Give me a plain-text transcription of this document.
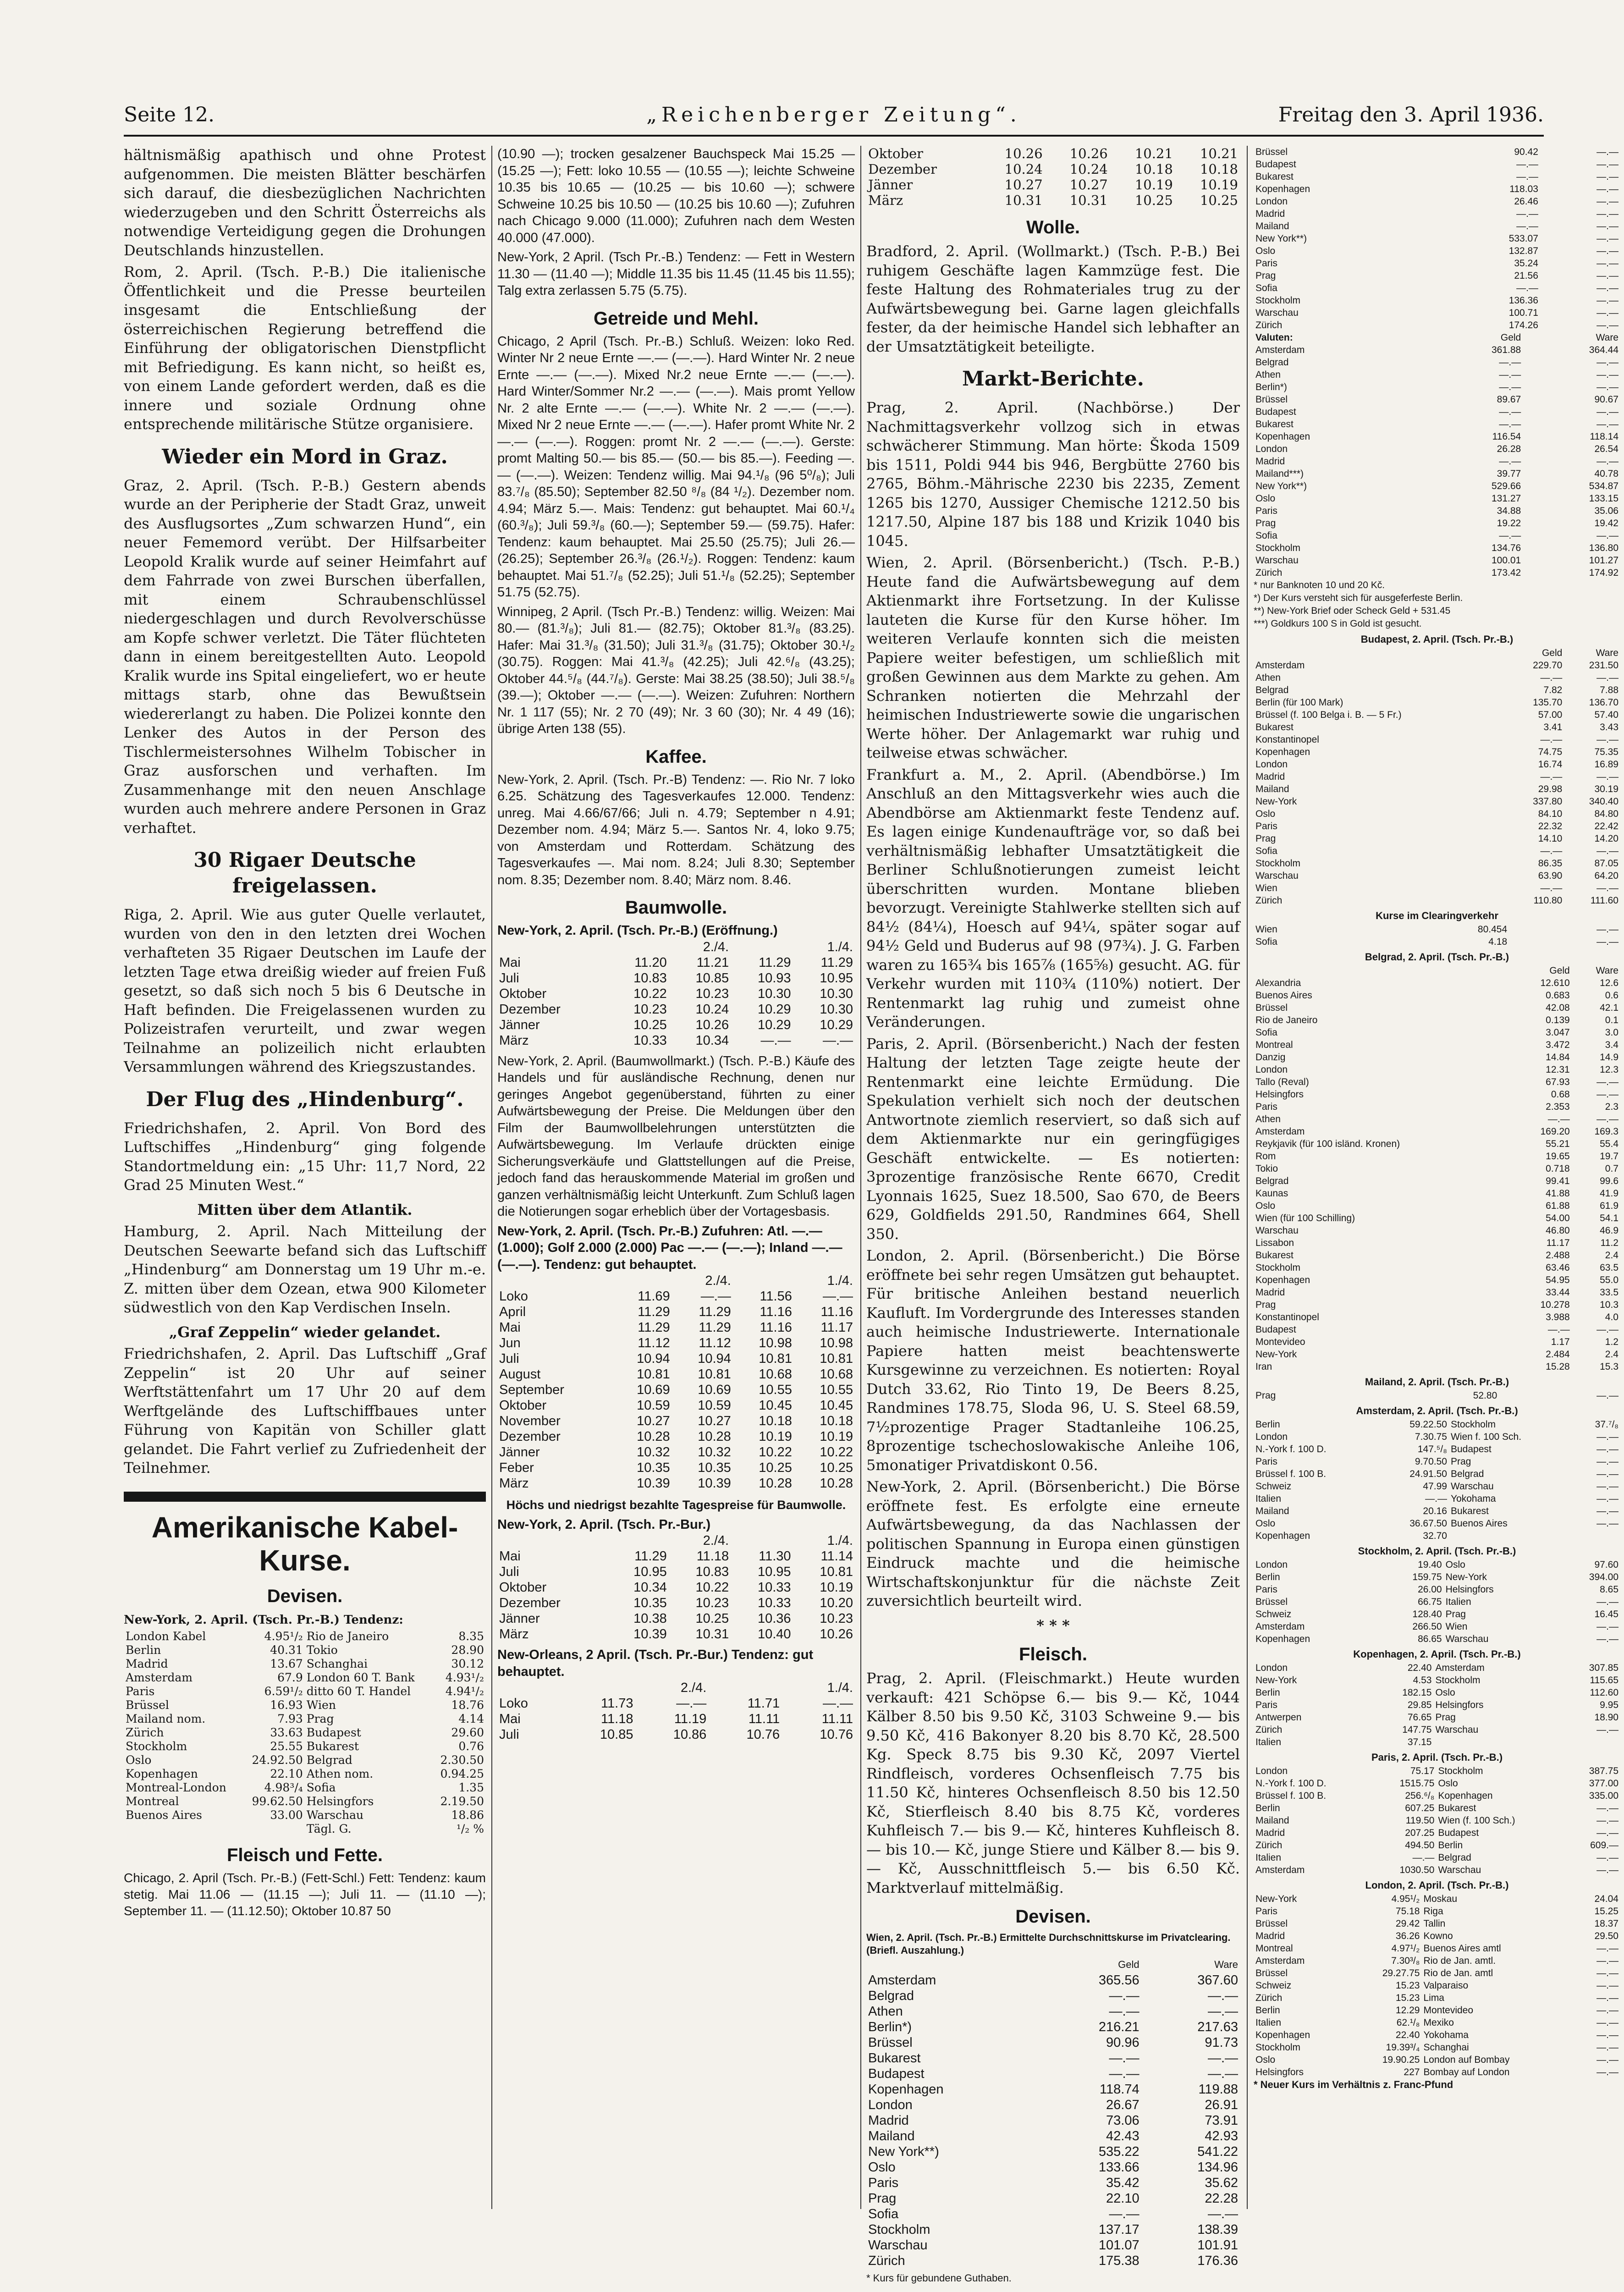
Seite 12.	„Reichenberger Zeitung“.	Freitag den 3. April 1936.

hältnismäßig apathisch und ohne Protest aufgenommen. Die meisten Blätter beschärfen sich darauf, die diesbezüglichen Nachrichten wiederzugeben und den Schritt Österreichs als notwendige Verteidigung gegen die Drohungen Deutschlands hinzustellen.

Rom, 2. April. (Tsch. P.-B.) Die italienische Öffentlichkeit und die Presse beurteilen insgesamt die Entschließung der österreichischen Regierung betreffend die Einführung der obligatorischen Dienstpflicht mit Befriedigung. Es kann nicht, so heißt es, von einem Lande gefordert werden, daß es die innere und soziale Ordnung ohne entsprechende militärische Stütze organisiere.

Wieder ein Mord in Graz.

Graz, 2. April. (Tsch. P.-B.) Gestern abends wurde an der Peripherie der Stadt Graz, unweit des Ausflugsortes „Zum schwarzen Hund“, ein neuer Fememord verübt. Der Hilfsarbeiter Leopold Kralik wurde auf seiner Heimfahrt auf dem Fahrrade von zwei Burschen überfallen, mit einem Schraubenschlüssel niedergeschlagen und durch Revolverschüsse am Kopfe schwer verletzt. Die Täter flüchteten dann in einem bereitgestellten Auto. Leopold Kralik wurde ins Spital eingeliefert, wo er heute mittags starb, ohne das Bewußtsein wiedererlangt zu haben. Die Polizei konnte den Lenker des Autos in der Person des Tischlermeistersohnes Wilhelm Tobischer in Graz ausforschen und verhaften. Im Zusammenhange mit den neuen Anschlage wurden auch mehrere andere Personen in Graz verhaftet.

30 Rigaer Deutsche freigelassen.

Riga, 2. April. Wie aus guter Quelle verlautet, wurden von den in den letzten drei Wochen verhafteten 35 Rigaer Deutschen im Laufe der letzten Tage etwa dreißig wieder auf freien Fuß gesetzt, so daß sich noch 5 bis 6 Deutsche in Haft befinden. Die Freigelassenen wurden zu Polizeistrafen verurteilt, und zwar wegen Teilnahme an polizeilich nicht erlaubten Versammlungen während des Kriegszustandes.

Der Flug des „Hindenburg“.

Friedrichshafen, 2. April. Von Bord des Luftschiffes „Hindenburg“ ging folgende Standortmeldung ein: „15 Uhr: 11,7 Nord, 22 Grad 25 Minuten West.“

Mitten über dem Atlantik.

Hamburg, 2. April. Nach Mitteilung der Deutschen Seewarte befand sich das Luftschiff „Hindenburg“ am Donnerstag um 19 Uhr m.-e. Z. mitten über dem Ozean, etwa 900 Kilometer südwestlich von den Kap Verdischen Inseln.

„Graf Zeppelin“ wieder gelandet.

Friedrichshafen, 2. April. Das Luftschiff „Graf Zeppelin“ ist 20 Uhr auf seiner Werftstättenfahrt um 17 Uhr 20 auf dem Werftgelände des Luftschiffbaues unter Führung von Kapitän von Schiller glatt gelandet. Die Fahrt verlief zu Zufriedenheit der Teilnehmer.

Amerikanische Kabel-Kurse.
Devisen.
New-York, 2. April. (Tsch. Pr.-B.) Tendenz:
London Kabel	4.95¹/₂	Rio de Janeiro	8.35
Berlin	40.31	Tokio	28.90
Madrid	13.67	Schanghai	30.12
Amsterdam	67.9	London 60 T. Bank	4.93¹/₂
Paris	6.59¹/₂	ditto 60 T. Handel	4.94¹/₂
Brüssel	16.93	Wien	18.76
Mailand nom.	7.93	Prag	4.14
Zürich	33.63	Budapest	29.60
Stockholm	25.55	Bukarest	0.76
Oslo	24.92.50	Belgrad	2.30.50
Kopenhagen	22.10	Athen nom.	0.94.25
Montreal-London	4.98³/₄	Sofia	1.35
Montreal	99.62.50	Helsingfors	2.19.50
Buenos Aires	33.00	Warschau	18.86
		Tägl. G.	¹/₂ %
Fleisch und Fette.

Chicago, 2. April (Tsch. Pr.-B.) (Fett-Schl.) Fett: Tendenz: kaum stetig. Mai 11.06 — (11.15 —); Juli 11. — (11.10 —); September 11. — (11.12.50); Oktober 10.87 50

(10.90 —); trocken gesalzener Bauchspeck Mai 15.25 — (15.25 —); Fett: loko 10.55 — (10.55 —); leichte Schweine 10.35 bis 10.65 — (10.25 — bis 10.60 —); schwere Schweine 10.25 bis 10.50 — (10.25 bis 10.60 —); Zufuhren nach Chicago 9.000 (11.000); Zufuhren nach dem Westen 40.000 (47.000).

New-York, 2 April. (Tsch Pr.-B.) Tendenz: — Fett in Western 11.30 — (11.40 —); Middle 11.35 bis 11.45 (11.45 bis 11.55); Talg extra zerlassen 5.75 (5.75).

Getreide und Mehl.

Chicago, 2 April (Tsch. Pr.-B.) Schluß. Weizen: loko Red. Winter Nr 2 neue Ernte —.— (—.—). Hard Winter Nr. 2 neue Ernte —.— (—.—). Mixed Nr.2 neue Ernte —.— (—.—). Hard Winter/Sommer Nr.2 —.— (—.—). Mais promt Yellow Nr. 2 alte Ernte —.— (—.—). White Nr. 2 —.— (—.—). Mixed Nr 2 neue Ernte —.— (—.—). Hafer promt White Nr. 2 —.— (—.—). Roggen: promt Nr. 2 —.— (—.—). Gerste: promt Malting 50.— bis 85.— (50.— bis 85.—). Feeding —.— (—.—). Weizen: Tendenz willig. Mai 94.¹/₈ (96 5⁰/₈); Juli 83.⁷/₈ (85.50); September 82.50 ⁸/₈ (84 ¹/₂). Dezember nom. 4.94; März 5.—. Mais: Tendenz: gut behauptet. Mai 60.¹/₄ (60.³/₈); Juli 59.³/₈ (60.—); September 59.— (59.75). Hafer: Tendenz: kaum behauptet. Mai 25.50 (25.75); Juli 26.— (26.25); September 26.³/₈ (26.¹/₂). Roggen: Tendenz: kaum behauptet. Mai 51.⁷/₈ (52.25); Juli 51.¹/₈ (52.25); September 51.75 (52.75).

Winnipeg, 2 April. (Tsch Pr.-B.) Tendenz: willig. Weizen: Mai 80.— (81.³/₈); Juli 81.— (82.75); Oktober 81.³/₈ (83.25). Hafer: Mai 31.³/₈ (31.50); Juli 31.³/₈ (31.75); Oktober 30.¹/₂ (30.75). Roggen: Mai 41.³/₈ (42.25); Juli 42.⁶/₈ (43.25); Oktober 44.⁵/₈ (44.⁷/₈). Gerste: Mai 38.25 (38.50); Juli 38.⁵/₈ (39.—); Oktober —.— (—.—). Weizen: Zufuhren: Northern Nr. 1 117 (55); Nr. 2 70 (49); Nr. 3 60 (30); Nr. 4 49 (16); übrige Arten 138 (55).

Kaffee.

New-York, 2. April. (Tsch. Pr.-B) Tendenz: —. Rio Nr. 7 loko 6.25. Schätzung des Tagesverkaufes 12.000. Tendenz: unreg. Mai 4.66/67/66; Juli n. 4.79; September n 4.91; Dezember nom. 4.94; März 5.—. Santos Nr. 4, loko 9.75; von Amsterdam und Rotterdam. Schätzung des Tagesverkaufes —. Mai nom. 8.24; Juli 8.30; September nom. 8.35; Dezember nom. 8.40; März nom. 8.46.

Baumwolle.
New-York, 2. April. (Tsch. Pr.-B.) (Eröffnung.)
	2./4.		1./4.	
Mai	11.20	11.21	11.29	11.29
Juli	10.83	10.85	10.93	10.95
Oktober	10.22	10.23	10.30	10.30
Dezember	10.23	10.24	10.29	10.30
Jänner	10.25	10.26	10.29	10.29
März	10.33	10.34	—.—	—.—

New-York, 2. April. (Baumwollmarkt.) (Tsch. P.-B.) Käufe des Handels und für ausländische Rechnung, denen nur geringes Angebot gegenüberstand, führten zu einer Aufwärtsbewegung der Preise. Die Meldungen über den Film der Baumwollbelehrungen unterstützten die Aufwärtsbewegung. Im Verlaufe drückten einige Sicherungsverkäufe und Glattstellungen auf die Preise, jedoch fand das herauskommende Material im großen und ganzen verhältnismäßig leicht Unterkunft. Zum Schluß lagen die Notierungen sogar erheblich über der Vortagesbasis.

New-York, 2. April. (Tsch. Pr.-B.) Zufuhren: Atl. —.— (1.000); Golf 2.000 (2.000) Pac —.— (—.—); Inland —.— (—.—). Tendenz: gut behauptet.
	2./4.		1./4.	
Loko	11.69	—.—	11.56	—.—
April	11.29	11.29	11.16	11.16
Mai	11.29	11.29	11.16	11.17
Jun	11.12	11.12	10.98	10.98
Juli	10.94	10.94	10.81	10.81
August	10.81	10.81	10.68	10.68
September	10.69	10.69	10.55	10.55
Oktober	10.59	10.59	10.45	10.45
November	10.27	10.27	10.18	10.18
Dezember	10.28	10.28	10.19	10.19
Jänner	10.32	10.32	10.22	10.22
Feber	10.35	10.35	10.25	10.25
März	10.39	10.39	10.28	10.28
Höchs und niedrigst bezahlte Tagespreise für Baumwolle.
New-York, 2. April. (Tsch. Pr.-Bur.)
	2./4.		1./4.	
Mai	11.29	11.18	11.30	11.14
Juli	10.95	10.83	10.95	10.81
Oktober	10.34	10.22	10.33	10.19
Dezember	10.35	10.23	10.33	10.20
Jänner	10.38	10.25	10.36	10.23
März	10.39	10.31	10.40	10.26
New-Orleans, 2 April. (Tsch. Pr.-Bur.) Tendenz: gut behauptet.
	2./4.		1./4.	
Loko	11.73	—.—	11.71	—.—
Mai	11.18	11.19	11.11	11.11
Juli	10.85	10.86	10.76	10.76
Oktober	10.26	10.26	10.21	10.21
Dezember	10.24	10.24	10.18	10.18
Jänner	10.27	10.27	10.19	10.19
März	10.31	10.31	10.25	10.25
Wolle.

Bradford, 2. April. (Wollmarkt.) (Tsch. P.-B.) Bei ruhigem Geschäfte lagen Kammzüge fest. Die feste Haltung des Rohmateriales trug zu der Aufwärtsbewegung bei. Garne lagen gleichfalls fester, da der heimische Handel sich lebhafter an der Umsatztätigkeit beteiligte.

Markt-Berichte.

Prag, 2. April. (Nachbörse.) Der Nachmittagsverkehr vollzog sich in etwas schwächerer Stimmung. Man hörte: Škoda 1509 bis 1511, Poldi 944 bis 946, Bergbütte 2760 bis 2765, Böhm.-Mährische 2230 bis 2235, Zement 1265 bis 1270, Aussiger Chemische 1212.50 bis 1217.50, Alpine 187 bis 188 und Krizik 1040 bis 1045.

Wien, 2. April. (Börsenbericht.) (Tsch. P.-B.) Heute fand die Aufwärtsbewegung auf dem Aktienmarkt ihre Fortsetzung. In der Kulisse lauteten die Kurse für den Kurse höher. Im weiteren Verlaufe konnten sich die meisten Papiere weiter befestigen, um schließlich mit großen Gewinnen aus dem Markte zu gehen. Am Schranken notierten die Mehrzahl der heimischen Industriewerte sowie die ungarischen Werte höher. Der Anlagemarkt war ruhig und teilweise etwas schwächer.

Frankfurt a. M., 2. April. (Abendbörse.) Im Anschluß an den Mittagsverkehr wies auch die Abendbörse am Aktienmarkt feste Tendenz auf. Es lagen einige Kundenaufträge vor, so daß bei verhältnismäßig lebhafter Umsatztätigkeit die Berliner Schlußnotierungen zumeist leicht überschritten wurden. Montane blieben bevorzugt. Vereinigte Stahlwerke stellten sich auf 84½ (84¼), Hoesch auf 94¼, später sogar auf 94½ Geld und Buderus auf 98 (97¾). J. G. Farben waren zu 165¾ bis 165⅞ (165⅝) gesucht. AG. für Verkehr wurden mit 110¾ (110%) notiert. Der Rentenmarkt lag ruhig und zumeist ohne Veränderungen.

Paris, 2. April. (Börsenbericht.) Nach der festen Haltung der letzten Tage zeigte heute der Rentenmarkt eine leichte Ermüdung. Die Spekulation verhielt sich noch der deutschen Antwortnote ziemlich reserviert, so daß sich auf dem Aktienmarkte nur ein geringfügiges Geschäft entwickelte. — Es notierten: 3prozentige französische Rente 6670, Credit Lyonnais 1625, Suez 18.500, Sao 670, de Beers 629, Goldfields 291.50, Randmines 664, Shell 350.

London, 2. April. (Börsenbericht.) Die Börse eröffnete bei sehr regen Umsätzen gut behauptet. Für britische Anleihen bestand neuerlich Kaufluft. Im Vordergrunde des Interesses standen auch heimische Industriewerte. Internationale Papiere hatten meist beachtenswerte Kursgewinne zu verzeichnen. Es notierten: Royal Dutch 33.62, Rio Tinto 19, De Beers 8.25, Randmines 178.75, Sloda 96, U. S. Steel 68.59, 7½prozentige Prager Stadtanleihe 106.25, 8prozentige tschechoslowakische Anleihe 106, 5monatiger Privatdiskont 0.56.

New-York, 2. April. (Börsenbericht.) Die Börse eröffnete fest. Es erfolgte eine erneute Aufwärtsbewegung, da das Nachlassen der politischen Spannung in Europa einen günstigen Eindruck machte und die heimische Wirtschaftskonjunktur für die nächste Zeit zuversichtlich beurteilt wird.

* * *
Fleisch.

Prag, 2. April. (Fleischmarkt.) Heute wurden verkauft: 421 Schöpse 6.— bis 9.— Kč, 1044 Kälber 8.50 bis 9.50 Kč, 3103 Schweine 9.— bis 9.50 Kč, 416 Bakonyer 8.20 bis 8.70 Kč, 28.500 Kg. Speck 8.75 bis 9.30 Kč, 2097 Viertel Rindfleisch, vorderes Ochsenfleisch 7.75 bis 11.50 Kč, hinteres Ochsenfleisch 8.50 bis 12.50 Kč, Stierfleisch 8.40 bis 8.75 Kč, vorderes Kuhfleisch 7.— bis 9.— Kč, hinteres Kuhfleisch 8.— bis 10.— Kč, junge Stiere und Kälber 8.— bis 9.— Kč, Ausschnittfleisch 5.— bis 6.50 Kč. Marktverlauf mittelmäßig.

Devisen.
Wien, 2. April. (Tsch. Pr.-B.) Ermittelte Durchschnittskurse im Privatclearing. (Briefl. Auszahlung.)
	Geld	Ware
Amsterdam	365.56	367.60
Belgrad	—.—	—.—
Athen	—.—	—.—
Berlin*)	216.21	217.63
Brüssel	90.96	91.73
Bukarest	—.—	—.—
Budapest	—.—	—.—
Kopenhagen	118.74	119.88
London	26.67	26.91
Madrid	73.06	73.91
Mailand	42.43	42.93
New York**)	535.22	541.22
Oslo	133.66	134.96
Paris	35.42	35.62
Prag	22.10	22.28
Sofia	—.—	—.—
Stockholm	137.17	138.39
Warschau	101.07	101.91
Zürich	175.38	176.36
* Kurs für gebundene Guthaben.

Brüssel	90.42	—.—
Budapest	—.—	—.—
Bukarest	—.—	—.—
Kopenhagen	118.03	—.—
London	26.46	—.—
Madrid	—.—	—.—
Mailand	—.—	—.—
New York**)	533.07	—.—
Oslo	132.87	—.—
Paris	35.24	—.—
Prag	21.56	—.—
Sofia	—.—	—.—
Stockholm	136.36	—.—
Warschau	100.71	—.—
Zürich	174.26	—.—
Valuten:	Geld	Ware
Amsterdam	361.88	364.44
Belgrad	—.—	—.—
Athen	—.—	—.—
Berlin*)	—.—	—.—
Brüssel	89.67	90.67
Budapest	—.—	—.—
Bukarest	—.—	—.—
Kopenhagen	116.54	118.14
London	26.28	26.54
Madrid	—.—	—.—
Mailand***)	39.77	40.78
New York**)	529.66	534.87
Oslo	131.27	133.15
Paris	34.88	35.06
Prag	19.22	19.42
Sofia	—.—	—.—
Stockholm	134.76	136.80
Warschau	100.01	101.27
Zürich	173.42	174.92
* nur Banknoten 10 und 20 Kč.
*) Der Kurs versteht sich für ausgeferfeste Berlin.
**) New-York Brief oder Scheck Geld + 531.45
***) Goldkurs 100 S in Gold ist gesucht.
Budapest, 2. April. (Tsch. Pr.-B.)
	Geld	Ware
Amsterdam	229.70	231.50
Athen	—.—	—.—
Belgrad	7.82	7.88
Berlin (für 100 Mark)	135.70	136.70
Brüssel (f. 100 Belga i. B. — 5 Fr.)	57.00	57.40
Bukarest	3.41	3.43
Konstantinopel	—.—	—.—
Kopenhagen	74.75	75.35
London	16.74	16.89
Madrid	—.—	—.—
Mailand	29.98	30.19
New-York	337.80	340.40
Oslo	84.10	84.80
Paris	22.32	22.42
Prag	14.10	14.20
Sofia	—.—	—.—
Stockholm	86.35	87.05
Warschau	63.90	64.20
Wien	—.—	—.—
Zürich	110.80	111.60
Kurse im Clearingverkehr
Wien	80.454	—.—
Sofia	4.18	—.—
Belgrad, 2. April. (Tsch. Pr.-B.)
	Geld	Ware
Alexandria	12.610	12.6
Buenos Aires	0.683	0.6
Brüssel	42.08	42.1
Rio de Janeiro	0.139	0.1
Sofia	3.047	3.0
Montreal	3.472	3.4
Danzig	14.84	14.9
London	12.31	12.3
Tallo (Reval)	67.93	—.—
Helsingfors	0.68	—.—
Paris	2.353	2.3
Athen	—.—	—.—
Amsterdam	169.20	169.3
Reykjavik (für 100 isländ. Kronen)	55.21	55.4
Rom	19.65	19.7
Tokio	0.718	0.7
Belgrad	99.41	99.6
Kaunas	41.88	41.9
Oslo	61.88	61.9
Wien (für 100 Schilling)	54.00	54.1
Warschau	46.80	46.9
Lissabon	11.17	11.2
Bukarest	2.488	2.4
Stockholm	63.46	63.5
Kopenhagen	54.95	55.0
Madrid	33.44	33.5
Prag	10.278	10.3
Konstantinopel	3.988	4.0
Budapest	—.—	—.—
Montevideo	1.17	1.2
New-York	2.484	2.4
Iran	15.28	15.3
Mailand, 2. April. (Tsch. Pr.-B.)
Prag	52.80	—.—
Amsterdam, 2. April. (Tsch. Pr.-B.)
Berlin	59.22.50	Stockholm	37.⁷/₈
London	7.30.75	Wien f. 100 Sch.	—.—
N.-York f. 100 D.	147.⁵/₈	Budapest	—.—
Paris	9.70.50	Prag	—.—
Brüssel f. 100 B.	24.91.50	Belgrad	—.—
Schweiz	47.99	Warschau	—.—
Italien	—.—	Yokohama	—.—
Mailand	20.16	Bukarest	—.—
Oslo	36.67.50	Buenos Aires	—.—
Kopenhagen	32.70		
Stockholm, 2. April. (Tsch. Pr.-B.)
London	19.40	Oslo	97.60
Berlin	159.75	New-York	394.00
Paris	26.00	Helsingfors	8.65
Brüssel	66.75	Italien	—.—
Schweiz	128.40	Prag	16.45
Amsterdam	266.50	Wien	—.—
Kopenhagen	86.65	Warschau	—.—
Kopenhagen, 2. April. (Tsch. Pr.-B.)
London	22.40	Amsterdam	307.85
New-York	4.53	Stockholm	115.65
Berlin	182.15	Oslo	112.60
Paris	29.85	Helsingfors	9.95
Antwerpen	76.65	Prag	18.90
Zürich	147.75	Warschau	—.—
Italien	37.15		
Paris, 2. April. (Tsch. Pr.-B.)
London	75.17	Stockholm	387.75
N.-York f. 100 D.	1515.75	Oslo	377.00
Brüssel f. 100 B.	256.⁶/₈	Kopenhagen	335.00
Berlin	607.25	Bukarest	—.—
Mailand	119.50	Wien (f. 100 Sch.)	—.—
Madrid	207.25	Budapest	—.—
Zürich	494.50	Berlin	609.—
Italien	—.—	Belgrad	—.—
Amsterdam	1030.50	Warschau	—.—
London, 2. April. (Tsch. Pr.-B.)
New-York	4.95¹/₂	Moskau	24.04
Paris	75.18	Riga	15.25
Brüssel	29.42	Tallin	18.37
Madrid	36.26	Kowno	29.50
Montreal	4.97¹/₂	Buenos Aires amtl	—.—
Amsterdam	7.30³/₈	Rio de Jan. amtl.	—.—
Brüssel	29.27.75	Rio de Jan. amtl	—.—
Schweiz	15.23	Valparaiso	—.—
Zürich	15.23	Lima	—.—
Berlin	12.29	Montevideo	—.—
Italien	62.¹/₈	Mexiko	—.—
Kopenhagen	22.40	Yokohama	—.—
Stockholm	19.39³/₄	Schanghai	—.—
Oslo	19.90.25	London auf Bombay	—.—
Helsingfors	227	Bombay auf London	—.—
* Neuer Kurs im Verhältnis z. Franc-Pfund
